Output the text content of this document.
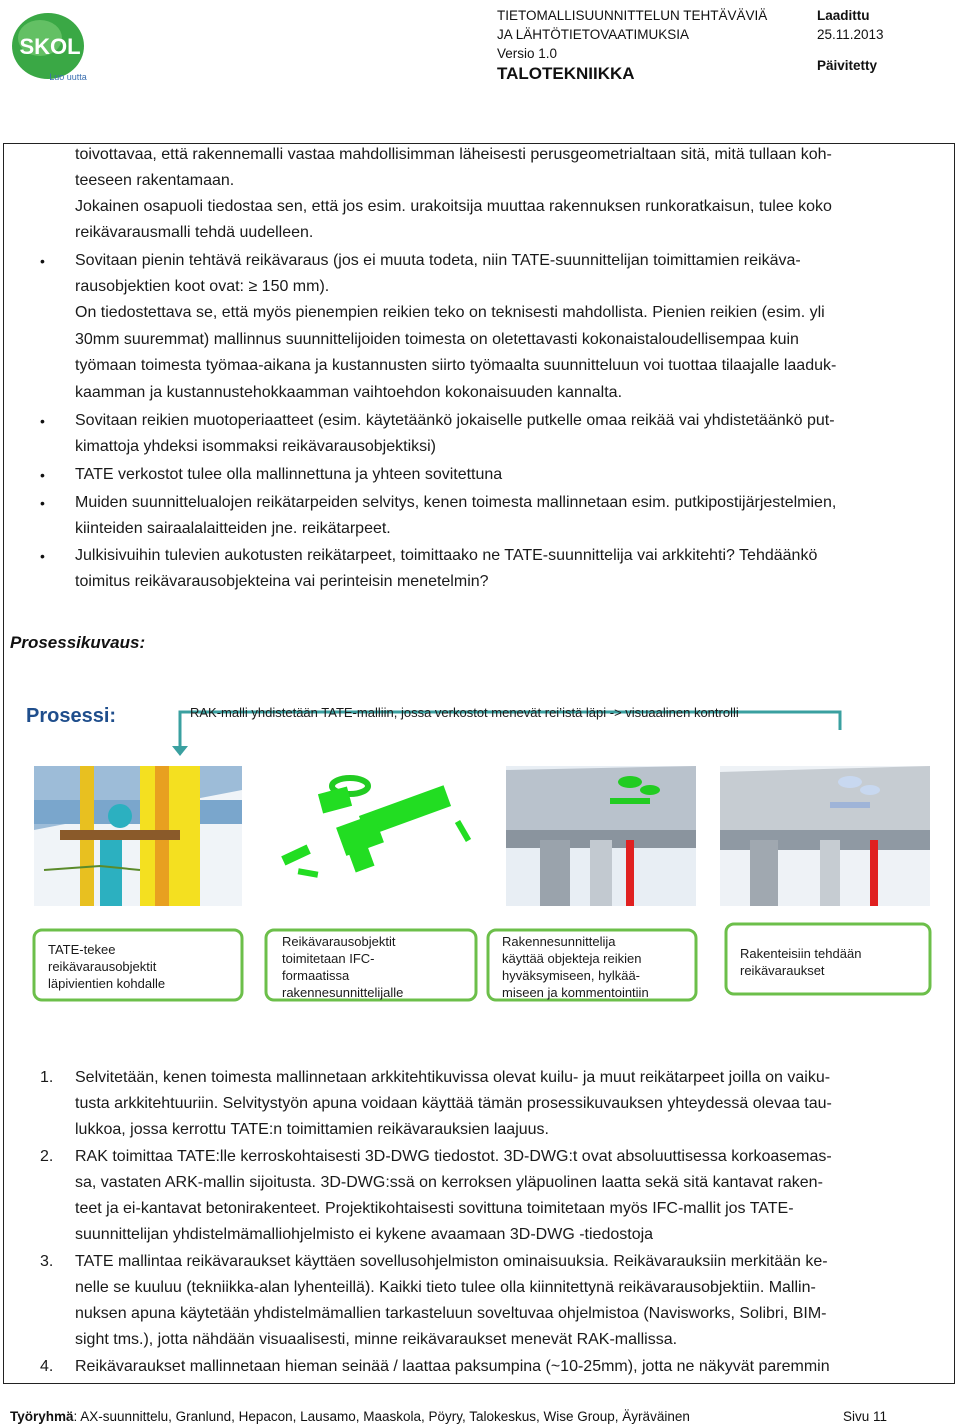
SKOL
Luo uutta
TIETOMALLISUUNNITTELUN TEHTÄVÄVIÄ
JA LÄHTÖTIETOVAATIMUKSIA
Versio 1.0
TALOTEKNIIKKA
Laadittu
25.11.2013
Päivitetty
toivottavaa, että rakennemalli vastaa mahdollisimman läheisesti perusgeometrialtaan sitä, mitä tullaan koh-
teeseen rakentamaan.
Jokainen osapuoli tiedostaa sen, että jos esim. urakoitsija muuttaa rakennuksen runkoratkaisun, tulee koko
reikävarausmalli tehdä uudelleen.
• Sovitaan pienin tehtävä reikävaraus (jos ei muuta todeta, niin TATE-suunnittelijan toimittamien reikäva-
rausobjektien koot ovat: ≥ 150 mm).
On tiedostettava se, että myös pienempien reikien teko on teknisesti mahdollista. Pienien reikien (esim. yli
30mm suuremmat) mallinnus suunnittelijoiden toimesta on oletettavasti kokonaistaloudellisempaa kuin
työmaan toimesta työmaa-aikana ja kustannusten siirto työmaalta suunnitteluun voi tuottaa tilaajalle laaduk-
kaamman ja kustannustehokkaamman vaihtoehdon kokonaisuuden kannalta.
• Sovitaan reikien muotoperiaatteet (esim. käytetäänkö jokaiselle putkelle omaa reikää vai yhdistetäänkö put-
kimattoja yhdeksi isommaksi reikävarausobjektiksi)
• TATE verkostot tulee olla mallinnettuna ja yhteen sovitettuna
• Muiden suunnittelualojen reikätarpeiden selvitys, kenen toimesta mallinnetaan esim. putkipostijärjestelmien,
kiinteiden sairaalalaitteiden jne. reikätarpeet.
• Julkisivuihin tulevien aukotusten reikätarpeet, toimittaako ne TATE-suunnittelija vai arkkitehti? Tehdäänkö
toimitus reikävarausobjekteina vai perinteisin menetelmin?
Prosessikuvaus:
Prosessi:	RAK-malli yhdistetään TATE-malliin, jossa verkostot menevät rei’istä läpi -> visuaalinen kontrolli
TATE-tekee
reikävarausobjektit
läpivientien kohdalle
Reikävarausobjektit
toimitetaan IFC-
formaatissa
rakennesunnittelijalle
Rakennesunnittelija
käyttää objekteja reikien
hyväksymiseen, hylkää-
miseen ja kommentointiin
Rakenteisiin tehdään
reikävaraukset
1.	Selvitetään, kenen toimesta mallinnetaan arkkitehtikuvissa olevat kuilu- ja muut reikätarpeet joilla on vaiku-
tusta arkkitehtuuriin. Selvitystyön apuna voidaan käyttää tämän prosessikuvauksen yhteydessä olevaa tau-
lukkoa, jossa kerrottu TATE:n toimittamien reikävarauksien laajuus.
2.	RAK toimittaa TATE:lle kerroskohtaisesti 3D-DWG tiedostot. 3D-DWG:t ovat absoluuttisessa korkoasemas-
sa, vastaten ARK-mallin sijoitusta. 3D-DWG:ssä on kerroksen yläpuolinen laatta sekä sitä kantavat raken-
teet ja ei-kantavat betonirakenteet. Projektikohtaisesti sovittuna toimitetaan myös IFC-mallit jos TATE-
suunnittelijan yhdistelmämalliohjelmisto ei kykene avaamaan 3D-DWG -tiedostoja
3.	TATE mallintaa reikävaraukset käyttäen sovellusohjelmiston ominaisuuksia. Reikävarauksiin merkitään ke-
nelle se kuuluu (tekniikka-alan lyhenteillä). Kaikki tieto tulee olla kiinnitettynä reikävarausobjektiin. Mallin-
nuksen apuna käytetään yhdistelmämallien tarkasteluun soveltuvaa ohjelmistoa (Navisworks, Solibri, BIM-
sight tms.), jotta nähdään visuaalisesti, minne reikävaraukset menevät RAK-mallissa.
4.	Reikävaraukset mallinnetaan hieman seinää / laattaa paksumpina (~10-25mm), jotta ne näkyvät paremmin
Työryhmä: AX-suunnittelu, Granlund, Hepacon, Lausamo, Maaskola, Pöyry, Talokeskus, Wise Group, Äyräväinen	Sivu 11
